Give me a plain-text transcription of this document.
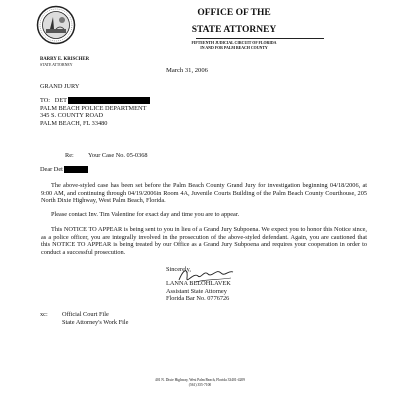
OFFICE OF THE
STATE ATTORNEY
FIFTEENTH JUDICIAL CIRCUIT OF FLORIDA
IN AND FOR PALM BEACH COUNTY
BARRY E. KRISCHER
STATE ATTORNEY
March 31, 2006
GRAND JURY
TO: DET
PALM BEACH POLICE DEPARTMENT
345 S. COUNTY ROAD
PALM BEACH, FL 33480
Re: Your Case No. 05-0368
Dear Det
The above-styled case has been set before the Palm Beach County Grand Jury for investigation beginning 04/18/2006, at 9:00 AM, and continuing through 04/19/2006in Room 4A, Juvenile Courts Building of the Palm Beach County Courthouse, 205 North Dixie Highway, West Palm Beach, Florida.
Please contact Inv. Tim Valentine for exact day and time you are to appear.
This NOTICE TO APPEAR is being sent to you in lieu of a Grand Jury Subpoena. We expect you to honor this Notice since, as a police officer, you are integrally involved in the prosecution of the above-styled defendant. Again, you are cautioned that this NOTICE TO APPEAR is being treated by our Office as a Grand Jury Subpoena and requires your cooperation in order to conduct a successful prosecution.
Sincerely,
LANNA BELOHLAVEK
Assistant State Attorney
Florida Bar No. 0776726
xc: Official Court File
State Attorney's Work File
401 N. Dixie Highway, West Palm Beach, Florida 33401-4209
(561) 355-7100
